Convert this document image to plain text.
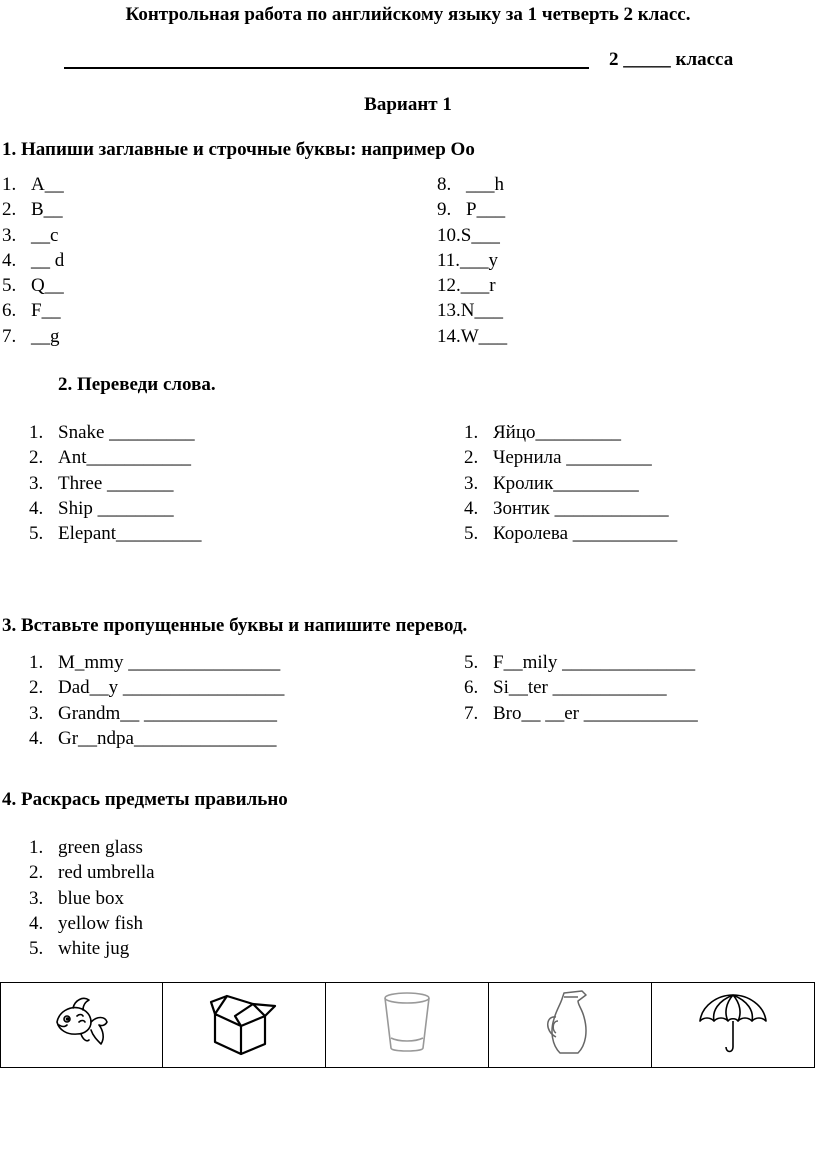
Контрольная работа по английскому языку за 1 четверть 2 класс.
2 _____ класса
Вариант 1
1. Напиши заглавные и строчные буквы: например Оо
1. A__
2. B__
3. __c
4. __ d
5. Q__
6. F__
7. __g
8. ___h
9. P___
10. S___
11. ___y
12. ___r
13. N___
14. W___
2. Переведи слова.
1. Snake _________
2. Ant___________
3. Three _______
4. Ship ________
5. Elepant_________
1. Яйцо_________
2. Чернила _________
3. Кролик_________
4. Зонтик ____________
5. Королева ___________
3. Вставьте пропущенные буквы и напишите перевод.
1. M_mmy ________________
2. Dad__y _________________
3. Grandm__ ______________
4. Gr__ndpa_______________
5. F__mily ______________
6. Si__ter ____________
7. Bro__ __er ____________
4. Раскрась предметы правильно
1. green glass
2. red umbrella
3. blue box
4. yellow fish
5. white jug
